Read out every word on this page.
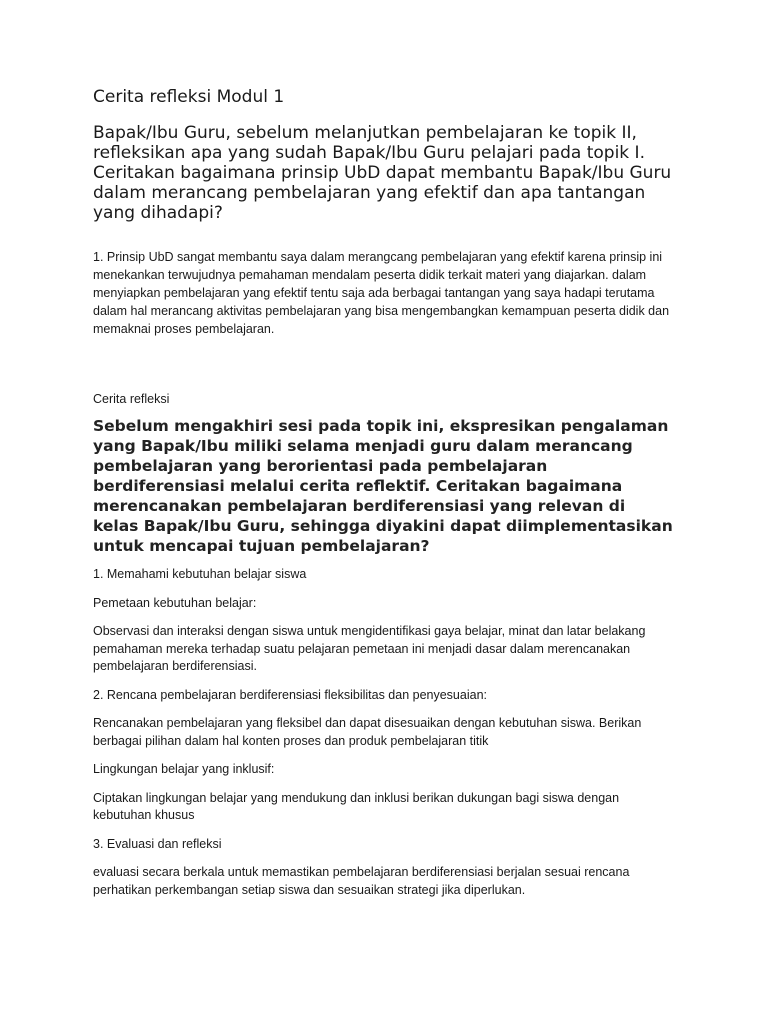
Cerita refleksi Modul 1

Bapak/Ibu Guru, sebelum melanjutkan pembelajaran ke topik II, refleksikan apa yang sudah Bapak/Ibu Guru pelajari pada topik I. Ceritakan bagaimana prinsip UbD dapat membantu Bapak/Ibu Guru dalam merancang pembelajaran yang efektif dan apa tantangan yang dihadapi?

1. Prinsip UbD sangat membantu saya dalam merangcang pembelajaran yang efektif karena prinsip ini menekankan terwujudnya pemahaman mendalam peserta didik terkait materi yang diajarkan. dalam menyiapkan pembelajaran yang efektif tentu saja ada berbagai tantangan yang saya hadapi terutama dalam hal merancang aktivitas pembelajaran yang bisa mengembangkan kemampuan peserta didik dan memaknai proses pembelajaran.

Cerita refleksi

Sebelum mengakhiri sesi pada topik ini, ekspresikan pengalaman yang Bapak/Ibu miliki selama menjadi guru dalam merancang pembelajaran yang berorientasi pada pembelajaran berdiferensiasi melalui cerita reflektif. Ceritakan bagaimana merencanakan pembelajaran berdiferensiasi yang relevan di kelas Bapak/Ibu Guru, sehingga diyakini dapat diimplementasikan untuk mencapai tujuan pembelajaran?

1. Memahami kebutuhan belajar siswa

Pemetaan kebutuhan belajar:

Observasi dan interaksi dengan siswa untuk mengidentifikasi gaya belajar, minat dan latar belakang pemahaman mereka terhadap suatu pelajaran pemetaan ini menjadi dasar dalam merencanakan pembelajaran berdiferensiasi.

2. Rencana pembelajaran berdiferensiasi fleksibilitas dan penyesuaian:

Rencanakan pembelajaran yang fleksibel dan dapat disesuaikan dengan kebutuhan siswa. Berikan berbagai pilihan dalam hal konten proses dan produk pembelajaran titik

Lingkungan belajar yang inklusif:

Ciptakan lingkungan belajar yang mendukung dan inklusi berikan dukungan bagi siswa dengan kebutuhan khusus

3. Evaluasi dan refleksi

evaluasi secara berkala untuk memastikan pembelajaran berdiferensiasi berjalan sesuai rencana perhatikan perkembangan setiap siswa dan sesuaikan strategi jika diperlukan.
